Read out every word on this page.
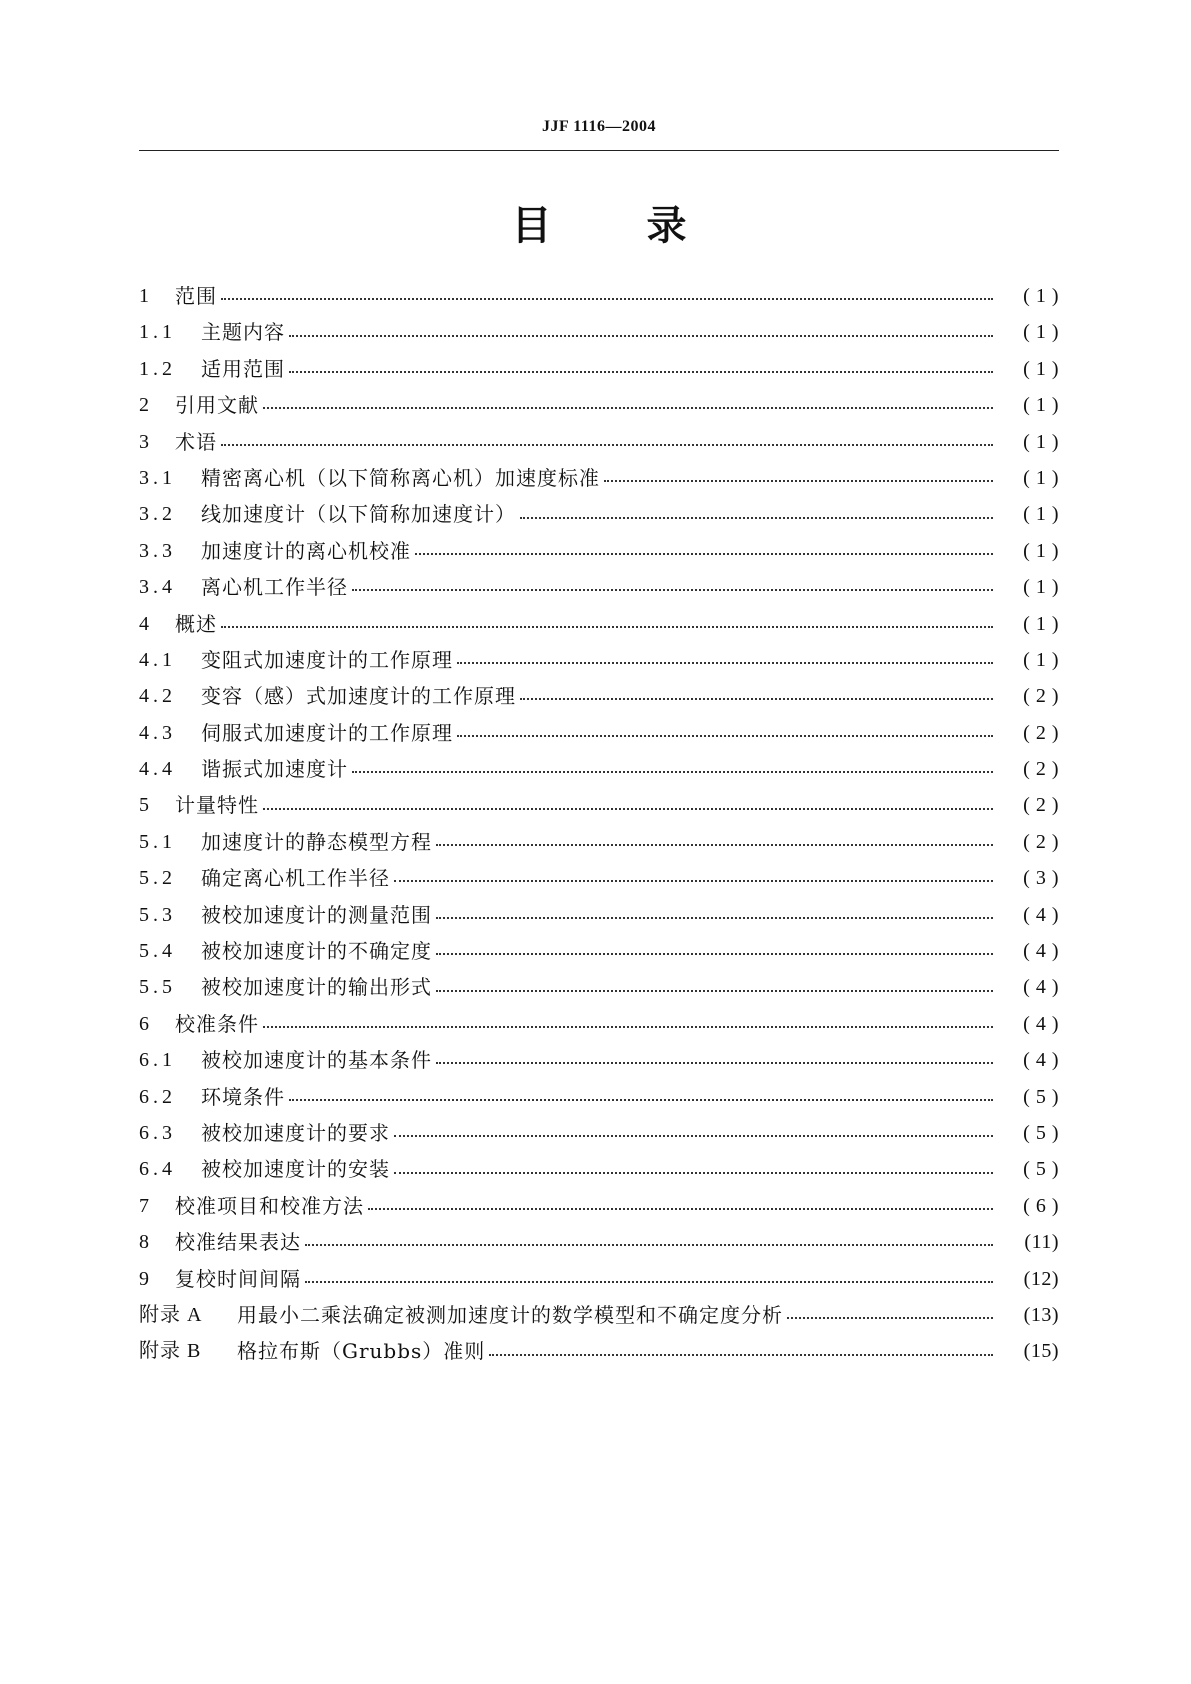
JJF 1116—2004
目 录
1	范围	( 1 )
1.1	主题内容	( 1 )
1.2	适用范围	( 1 )
2	引用文献	( 1 )
3	术语	( 1 )
3.1	精密离心机（以下简称离心机）加速度标准	( 1 )
3.2	线加速度计（以下简称加速度计）	( 1 )
3.3	加速度计的离心机校准	( 1 )
3.4	离心机工作半径	( 1 )
4	概述	( 1 )
4.1	变阻式加速度计的工作原理	( 1 )
4.2	变容（感）式加速度计的工作原理	( 2 )
4.3	伺服式加速度计的工作原理	( 2 )
4.4	谐振式加速度计	( 2 )
5	计量特性	( 2 )
5.1	加速度计的静态模型方程	( 2 )
5.2	确定离心机工作半径	( 3 )
5.3	被校加速度计的测量范围	( 4 )
5.4	被校加速度计的不确定度	( 4 )
5.5	被校加速度计的输出形式	( 4 )
6	校准条件	( 4 )
6.1	被校加速度计的基本条件	( 4 )
6.2	环境条件	( 5 )
6.3	被校加速度计的要求	( 5 )
6.4	被校加速度计的安装	( 5 )
7	校准项目和校准方法	( 6 )
8	校准结果表达	(11)
9	复校时间间隔	(12)
附录 A	用最小二乘法确定被测加速度计的数学模型和不确定度分析	(13)
附录 B	格拉布斯（Grubbs）准则	(15)
